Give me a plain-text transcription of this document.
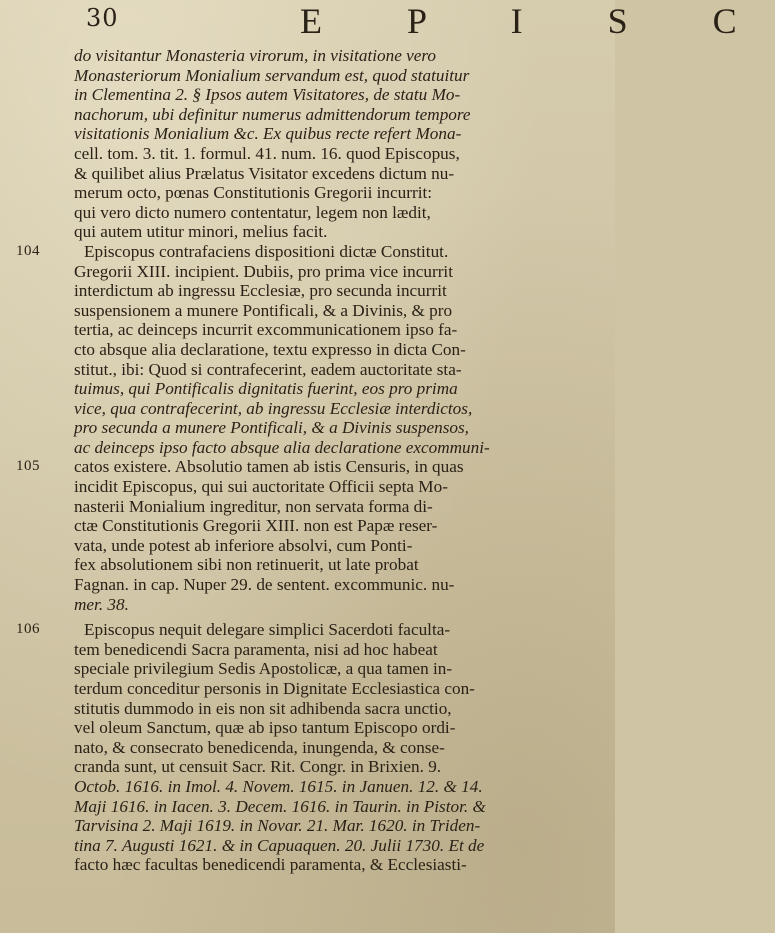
30	E P I S C
do visitantur Monasteria virorum, in visitatione vero
Monasteriorum Monialium servandum est, quod statuitur
in Clementina 2. § Ipsos autem Visitatores, de statu Mo-
nachorum, ubi definitur numerus admittendorum tempore
visitationis Monialium &c. Ex quibus recte refert Mona-
cell. tom. 3. tit. 1. formul. 41. num. 16. quod Episcopus,
& quilibet alius Prælatus Visitator excedens dictum nu-
merum octo, pœnas Constitutionis Gregorii incurrit:
qui vero dicto numero contentatur, legem non lædit,
qui autem utitur minori, melius facit.
104	Episcopus contrafaciens dispositioni dictæ Constitut.
Gregorii XIII. incipient. Dubiis, pro prima vice incurrit
interdictum ab ingressu Ecclesiæ, pro secunda incurrit
suspensionem a munere Pontificali, & a Divinis, & pro
tertia, ac deinceps incurrit excommunicationem ipso fa-
cto absque alia declaratione, textu expresso in dicta Con-
stitut., ibi: Quod si contrafecerint, eadem auctoritate sta-
tuimus, qui Pontificalis dignitatis fuerint, eos pro prima
vice, qua contrafecerint, ab ingressu Ecclesiæ interdictos,
pro secunda a munere Pontificali, & a Divinis suspensos,
ac deinceps ipso facto absque alia declaratione excommuni-
105 catos existere. Absolutio tamen ab istis Censuris, in quas
incidit Episcopus, qui sui auctoritate Officii septa Mo-
nasterii Monialium ingreditur, non servata forma di-
ctæ Constitutionis Gregorii XIII. non est Papæ reser-
vata, unde potest ab inferiore absolvi, cum Ponti-
fex absolutionem sibi non retinuerit, ut late probat
Fagnan. in cap. Nuper 29. de sentent. excommunic. nu-
mer. 38.
106	Episcopus nequit delegare simplici Sacerdoti faculta-
tem benedicendi Sacra paramenta, nisi ad hoc habeat
speciale privilegium Sedis Apostolicæ, a qua tamen in-
terdum conceditur personis in Dignitate Ecclesiastica con-
stitutis dummodo in eis non sit adhibenda sacra unctio,
vel oleum Sanctum, quæ ab ipso tantum Episcopo ordi-
nato, & consecrato benedicenda, inungenda, & conse-
cranda sunt, ut censuit Sacr. Rit. Congr. in Brixien. 9.
Octob. 1616. in Imol. 4. Novem. 1615. in Januen. 12. & 14.
Maji 1616. in Iacen. 3. Decem. 1616. in Taurin. in Pistor. &
Tarvisina 2. Maji 1619. in Novar. 21. Mar. 1620. in Triden-
tina 7. Augusti 1621. & in Capuaquen. 20. Julii 1730. Et de
facto hæc facultas benedicendi paramenta, & Ecclesiasti-
